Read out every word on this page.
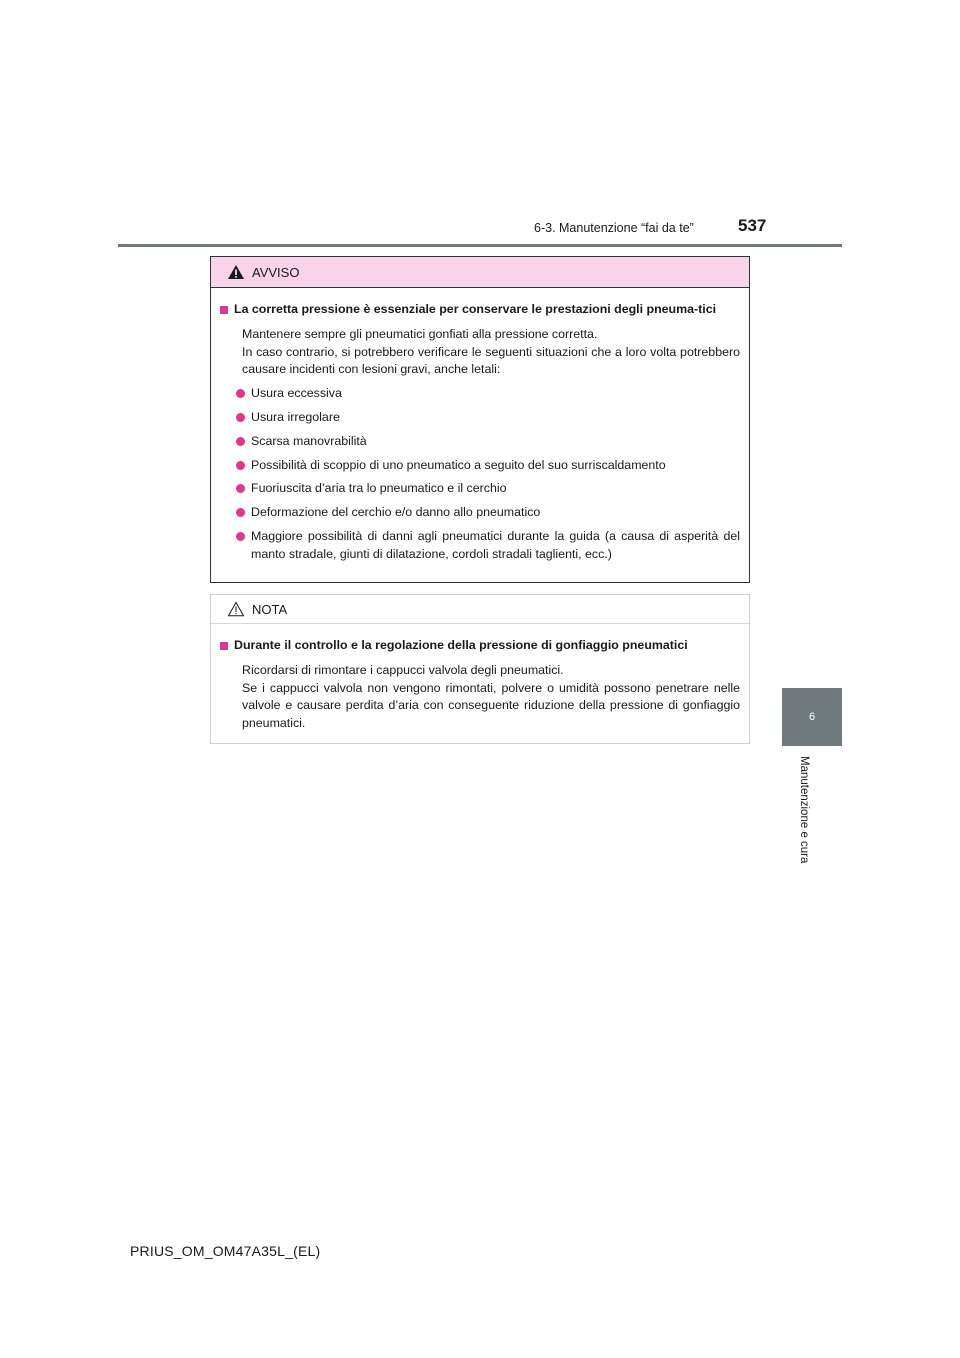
537
6-3. Manutenzione “fai da te”
6
Manutenzione e cura
AVVISO
La corretta pressione è essenziale per conservare le prestazioni degli pneuma-tici
Mantenere sempre gli pneumatici gonfiati alla pressione corretta.
In caso contrario, si potrebbero verificare le seguenti situazioni che a loro volta potrebbero causare incidenti con lesioni gravi, anche letali:
Usura eccessiva
Usura irregolare
Scarsa manovrabilità
Possibilità di scoppio di uno pneumatico a seguito del suo surriscaldamento
Fuoriuscita d’aria tra lo pneumatico e il cerchio
Deformazione del cerchio e/o danno allo pneumatico
Maggiore possibilità di danni agli pneumatici durante la guida (a causa di asperità del manto stradale, giunti di dilatazione, cordoli stradali taglienti, ecc.)
NOTA
Durante il controllo e la regolazione della pressione di gonfiaggio pneumatici
Ricordarsi di rimontare i cappucci valvola degli pneumatici.
Se i cappucci valvola non vengono rimontati, polvere o umidità possono penetrare nelle valvole e causare perdita d’aria con conseguente riduzione della pressione di gonfiaggio pneumatici.
PRIUS_OM_OM47A35L_(EL)
